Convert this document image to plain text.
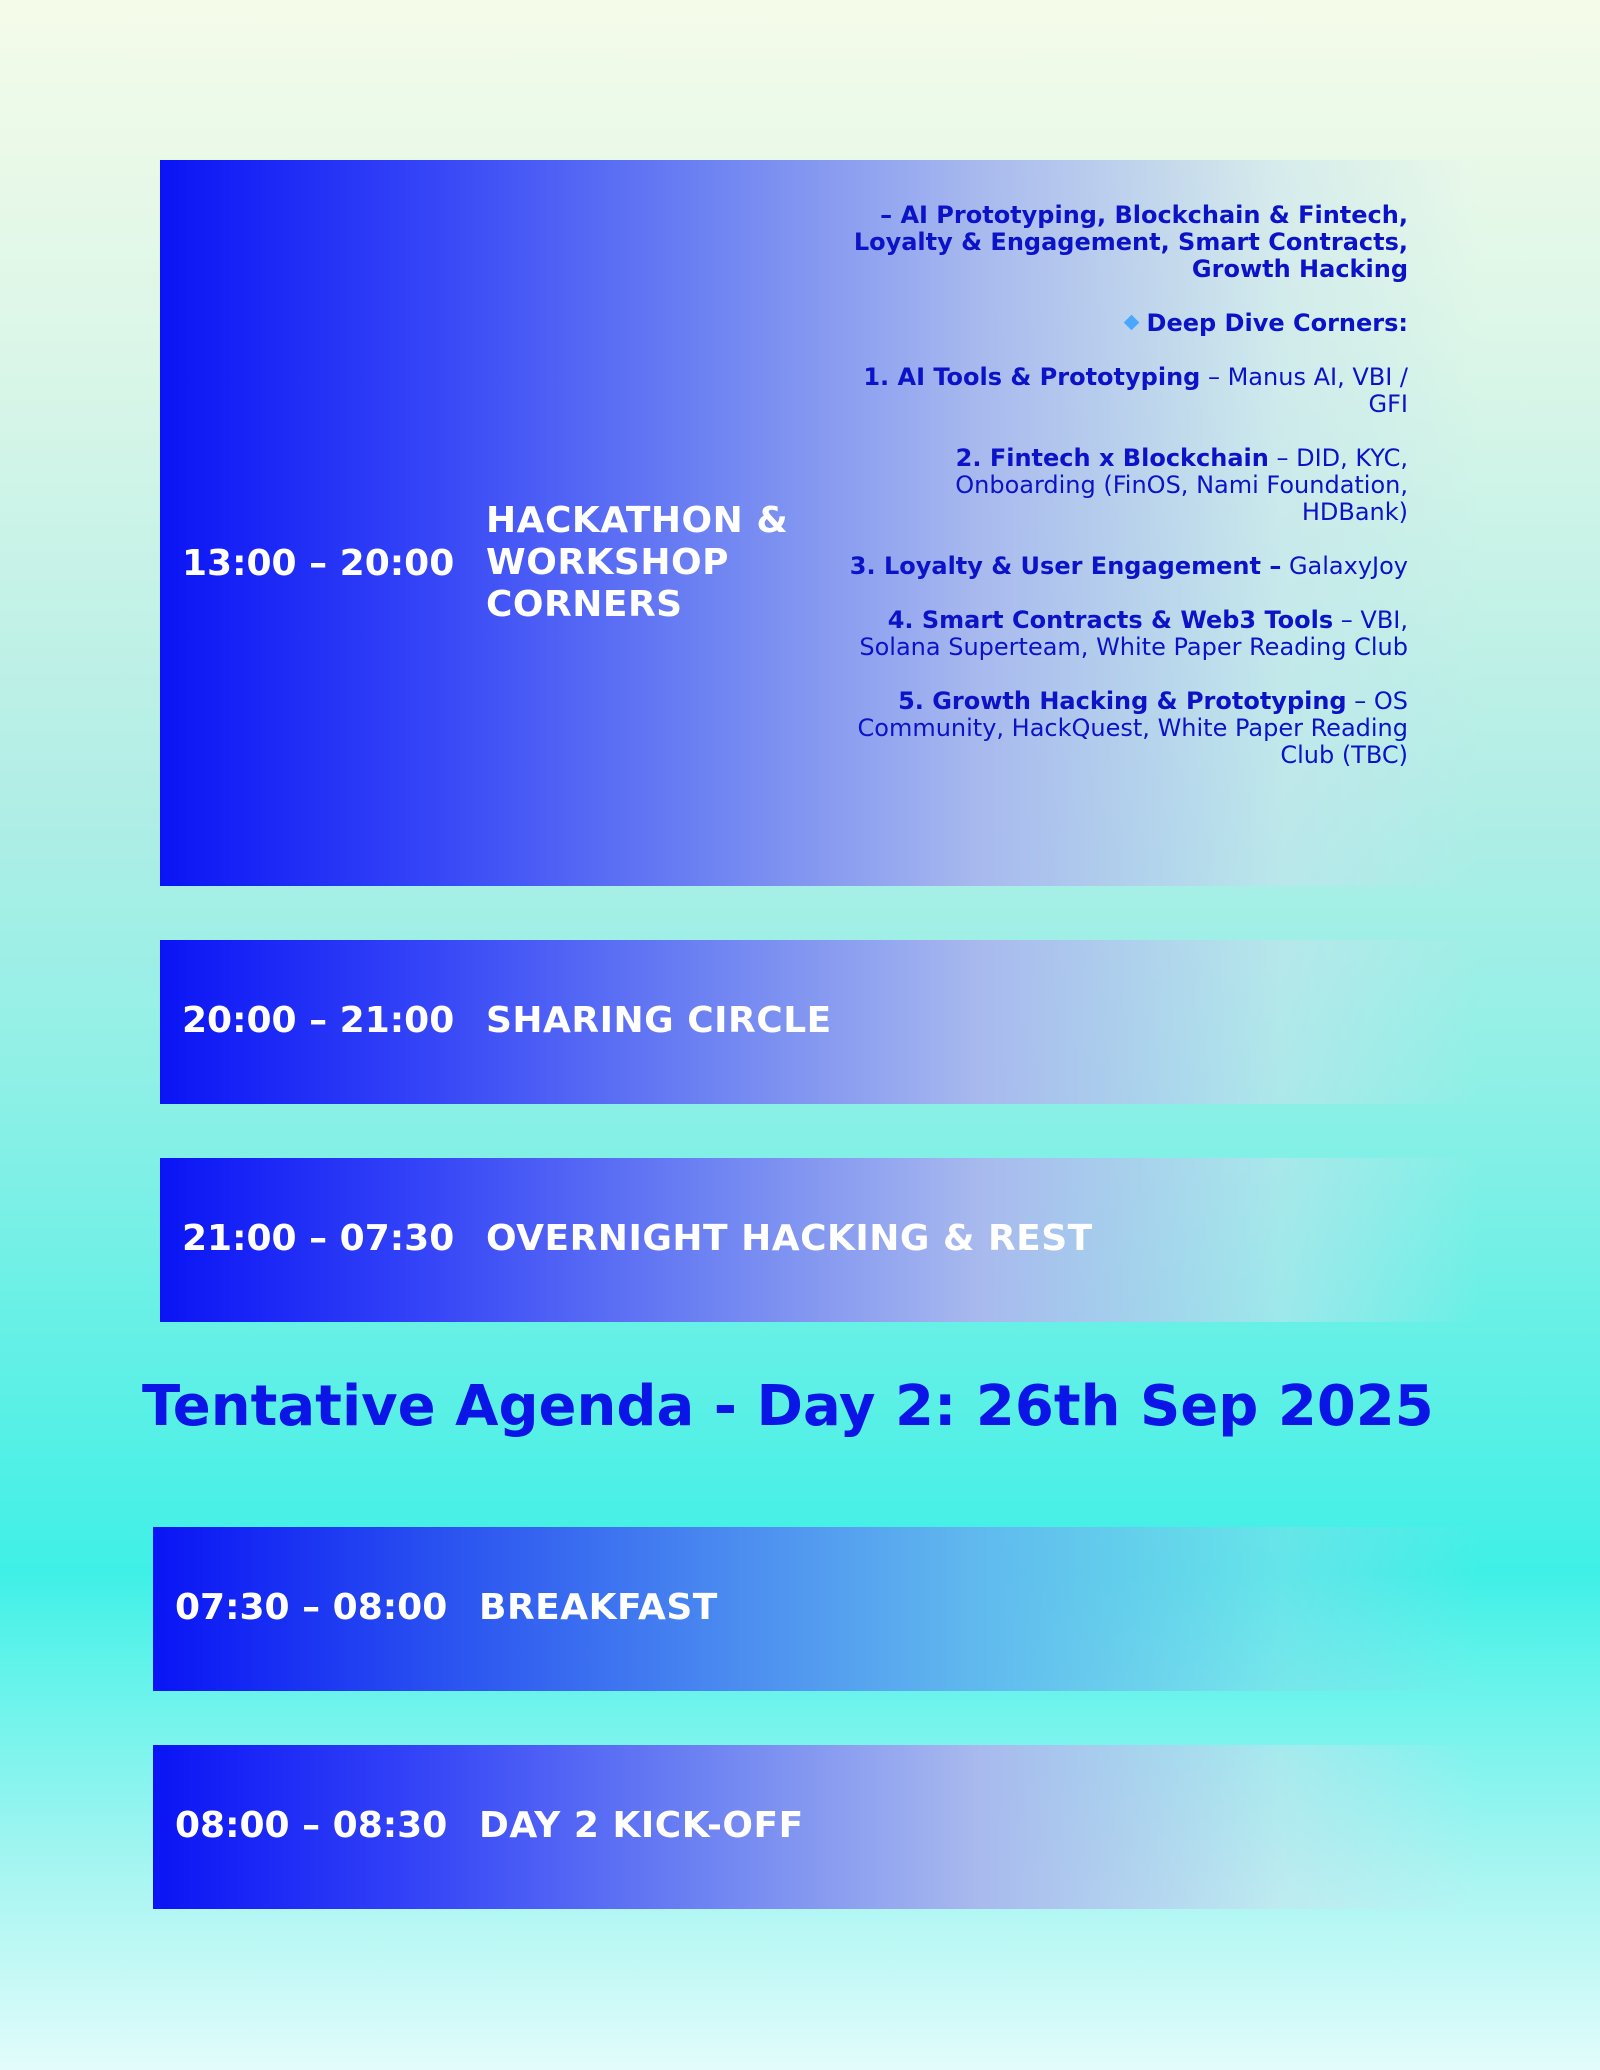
13:00 – 20:00
HACKATHON & WORKSHOP CORNERS

– AI Prototyping, Blockchain & Fintech, Loyalty & Engagement, Smart Contracts, Growth Hacking

Deep Dive Corners:

1. AI Tools & Prototyping – Manus AI, VBI / GFI

2. Fintech x Blockchain – DID, KYC, Onboarding (FinOS, Nami Foundation, HDBank)

3. Loyalty & User Engagement – GalaxyJoy

4. Smart Contracts & Web3 Tools – VBI, Solana Superteam, White Paper Reading Club

5. Growth Hacking & Prototyping – OS Community, HackQuest, White Paper Reading Club (TBC)

20:00 – 21:00 SHARING CIRCLE
21:00 – 07:30 OVERNIGHT HACKING & REST
Tentative Agenda - Day 2: 26th Sep 2025
07:30 – 08:00 BREAKFAST
08:00 – 08:30 DAY 2 KICK-OFF
